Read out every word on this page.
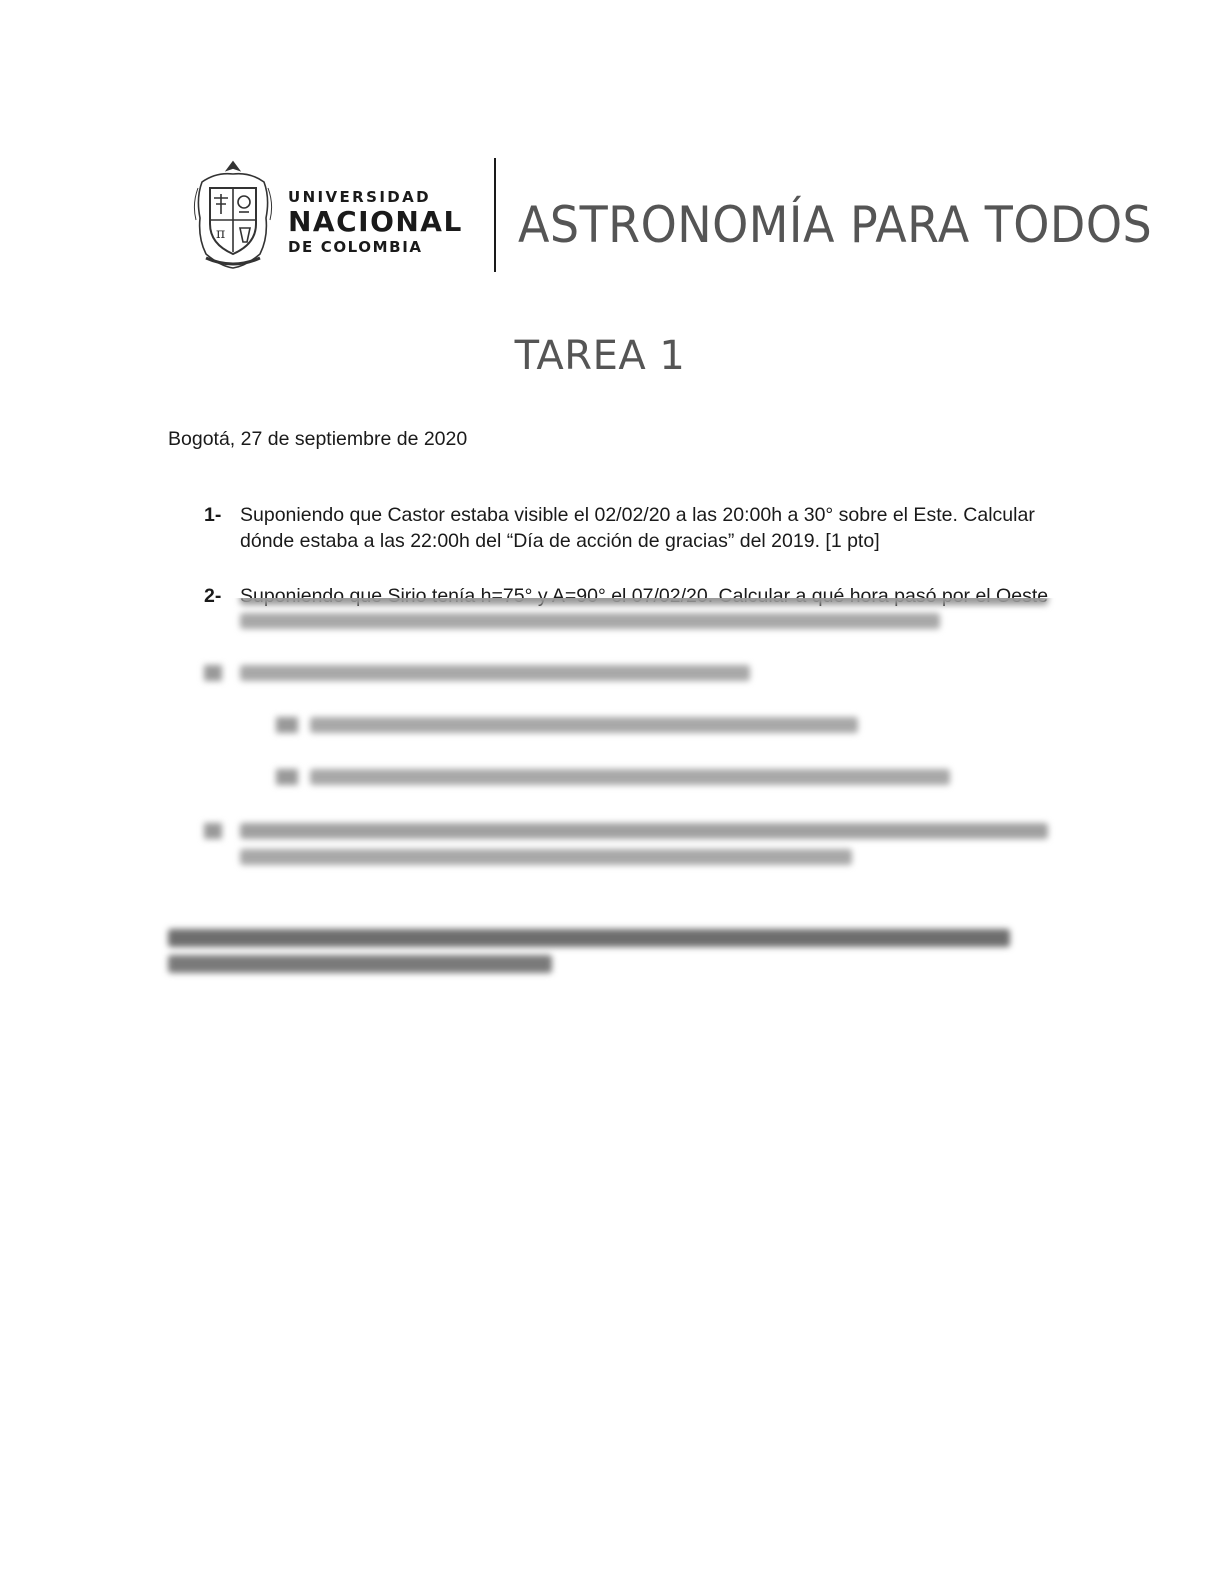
π
UNIVERSIDAD
NACIONAL
DE COLOMBIA	ASTRONOMÍA PARA TODOS
TAREA 1
Bogotá, 27 de septiembre de 2020
1- Suponiendo que Castor estaba visible el 02/02/20 a las 20:00h a 30° sobre el Este. Calcular dónde estaba a las 22:00h del “Día de acción de gracias” del 2019. [1 pto]
2- Suponiendo que Sirio tenía h=75° y A=90° el 07/02/20. Calcular a qué hora pasó por el Oeste
